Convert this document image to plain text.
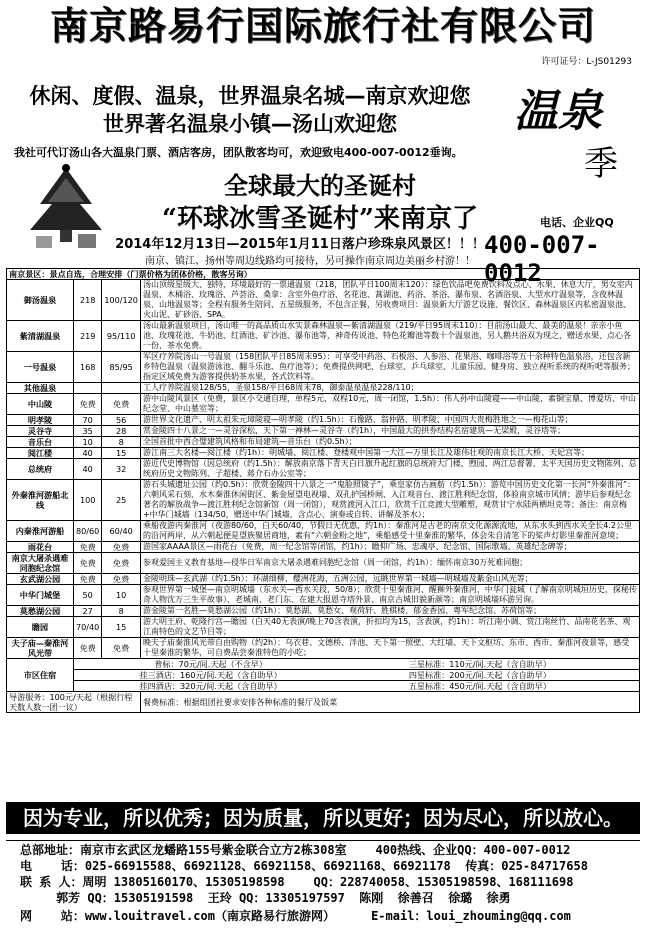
南京路易行国际旅行社有限公司
许可证号：L-JS01293
休闲、度假、温泉，世界温泉名城—南京欢迎您
世界著名温泉小镇—汤山欢迎您
我社可代订汤山各大温泉门票、酒店客房，团队散客均可，欢迎致电400-007-0012垂询。
温泉
季
全球最大的圣诞村
“环球冰雪圣诞村”来南京了
2014年12月13日—2015年1月11日落户珍珠泉风景区！！！
南京、镇江、扬州等周边线路均可接待，另可操作南京周边美丽乡村游！！
电话、企业QQ
400-007-0012
南京景区：景点自选，合理安排（门票价格为团体价格，散客另询）			
御汤温泉	218	100/120	汤山顶级星级大、独特，环境最好的一票通温泉（218，团队平日100周末120）：绿色饮品吧免费饮料及点心、水果、休息大厅，男女室内温泉、木桶浴、玫瑰浴、芦荟浴、桑拿：含室外鱼疗浴、名花池、蒿湖池、药浴、茶浴、瀑布泉、名酒浴泉、大型水疗温泉等，含夜林温泉、山地温泉等；全程有服务生陪同、五星级服务，不包含正餐，另收费项目：温泉新大厅游艺设施、餐饮区、森林温泉区内私密温泉池、火山泥、矿砂浴、SPA。
紫清湖温泉	219	95/110	汤山最新温泉项目，汤山唯一的高品质山水实景森林温泉—紫清湖温泉（219/平日95周末110）：目前汤山最大、最美的温泉！亲亲小鱼池、玫瑰花池、牛奶池、红酒池、矿沙池、瀑布池等，神奇传说池、特色花瓣池等数十个温泉池，另人鹅共浴双为现之，赠送水果、点心各一份，茶水免费。
一号温泉	168	85/95	军区疗养院汤山一号温泉（158团队平日85周末95）：可享受中药浴、石板浴、人参浴、花果浴、咖啡浴等五十余种特色温泉浴，还包含新乡特色温泉（温泉游泳池、翻斗乐池、鱼疗池等）；免费提供网吧、台球室、乒乓球室、儿童乐园、健身房、独立视听系统的视听吧等服务；指定区域免费为游客提供奶茶水果，各式饮料等。
其他温泉			工人疗养院温泉128/55，圣泉158/平日68周末78，御泰温泉温泉228/110；
中山陵	免费	免费	游中山陵风景区（免费，景区小交通自理，单程5元，双程10元，周一闭馆，1.5h）：伟人孙中山陵寝——中山陵，素铜宝鼎、博爱坊、中山纪念堂、中山墓室等；
明孝陵	70	56	游世界文化遗产、明太祖朱元璋陵寝—明孝陵（约1.5h）：石像路、翁仲路、明孝陵、中国四大贵梅胜地之一—梅花山等；
灵谷寺	35	28	赏金陵四十八景之一—灵谷深松，天下第一禅林—灵谷寺（约1h），中国最大的拱券结构名宿建筑—无梁殿，灵谷塔等；
音乐台	10	8	全国首批中西合璧建筑风格和布局建筑—音乐台（约0.5h）；
阅江楼	40	15	游江南三大名楼—阅江楼（约1h）：明城墙、阅江楼、登楼观中国第一大江—万里长江及雄伟壮观的南京长江大桥、天妃宫等；
总统府	40	32	游近代史博物馆（因总统府（约1.5h）：解放南京落下青天白日旗升起红旗的总统府大门楼，煦园、两江总督署、太平天国历史文物陈列、总统府历史文物陈列、子超楼、蒋介石办公室等；
外秦淮河游船北线	100	25	游石头城遗址公园（约0.5h）：欣赏金陵四十八景之一“鬼脸照镜子”，乘皇家仿古画舫（约1.5h）：游览中国历史文化第一长河“外秦淮河”：六朝风采石刻、水木秦淮休闲街区、紫金屋望电视墙、双孔护国桥闸、入江观音台、渡江胜利纪念馆，体验南京城市风情；游毕后参观纪念著名的解放战争—渡江胜利纪念馆新馆（周一闭馆），观赏渡河入江口，欣赏千江竞渡大型雕塑，观赏甘宁水陆两栖坦克等；备注：南京梅+中华门城墙（134/50，赠送中华门城墙，含点心、演奏或自转、讲解及茶水）；
内秦淮河游船	80/60	60/40	乘船夜游内秦淮河（夜游80/60，白天60/40，节假日无优惠，约1h）：秦淮河是古老的南京文化源源流地，从东水头到西水关全长4.2公里的沿河两岸，从六朝起便是望族聚居商地，素有“六朝金粉之地”，乘船感受十里秦淮的繁华，体会朱自清笔下的桨声灯影里秦淮河意境；
雨花台	免费	免费	游国家AAAA景区—雨花台（免费，周一纪念馆等闭馆，约1h）：瞻仰广场、忠魂亭、纪念馆、国际歌墙、英雄纪念碑等；
南京大屠杀遇难同胞纪念馆	免费	免费	参观爱国主义教育基地—侵华日军南京大屠杀遇难同胞纪念馆（周一闭馆，约1h）：缅怀南京30万死难同胞；
玄武湖公园	免费	免费	金陵明珠—玄武湖（约1.5h）：环湖细柳、樱洲花海、五洲公园，远眺世界第一城墙—明城墙及紫金山风光等；
中华门城堡	50	10	参观世界第一城堡—南京明城墙（东水关—西水关段，50/8）；欣赏十里秦淮河、醒狮外秦淮河，中华门瓮城（了解南京明城垣历史，探秘传奇人物沈万三生平故事）、老城南、老门东、在建大报恩寺塔外景、南京古城旧貌新颜等；南京明城墙环游另询。
莫愁湖公园	27	8	游金陵第一名胜—莫愁湖公园（约1h）：莫愁湖、莫愁女、观荷轩、胜棋楼、郁金香园、粤军纪念馆、苏荷馆等；
瞻园	70/40	15	游大明王府、乾隆行宫—瞻园（白天40无表演/晚上70含表演，折扣均为15，含表演，约1h）：圻江南小调、赏江南丝竹、品南花名茶、观江南特色的文艺节目等；
夫子庙—秦淮河风光带	免费	免费	晚夫子庙秦淮风光带自由购物（约2h）：乌衣巷、文德桥、泮池、天下第一照壁、大红墙、天下文枢坊、东市、西市、秦淮河夜景等，感受十里秦淮的繁华，可自费品尝秦淮特色的小吃；
市区住宿	普标：70元/间.天起（不含早） 三星标准：110元/间.天起（含自助早）		
	挂三酒店：160元/间.天起（含自助早） 四星标准：200元/间.天起（含自助早）		
	挂四酒店：320元/间.天起（含自助早） 五星标准：450元/间.天起（含自助早）		
导游服务：100元/天起（根据行程天数人数一团一议）			餐费标准：根据组团社要求安排各种标准的餐厅及饭菜
因为专业，所以优秀；因为质量，所以更好；因为尽心，所以放心。
总部地址：南京市玄武区龙蟠路155号紫金联合立方2栋308室    400热线、企业QQ：400-007-0012
电    话：025-66915588、66921128、66921158、66921168、66921178  传真：025-84717658
联 系 人：周明 13805160170、15305198598    QQ：228740058、15305198598、168111698
郭芳 QQ：15305191598  王玲 QQ：13305197597  陈刚  徐善召  徐璐  徐勇
网    站：www.louitravel.com（南京路易行旅游网）     E-mail：loui_zhouming@qq.com
